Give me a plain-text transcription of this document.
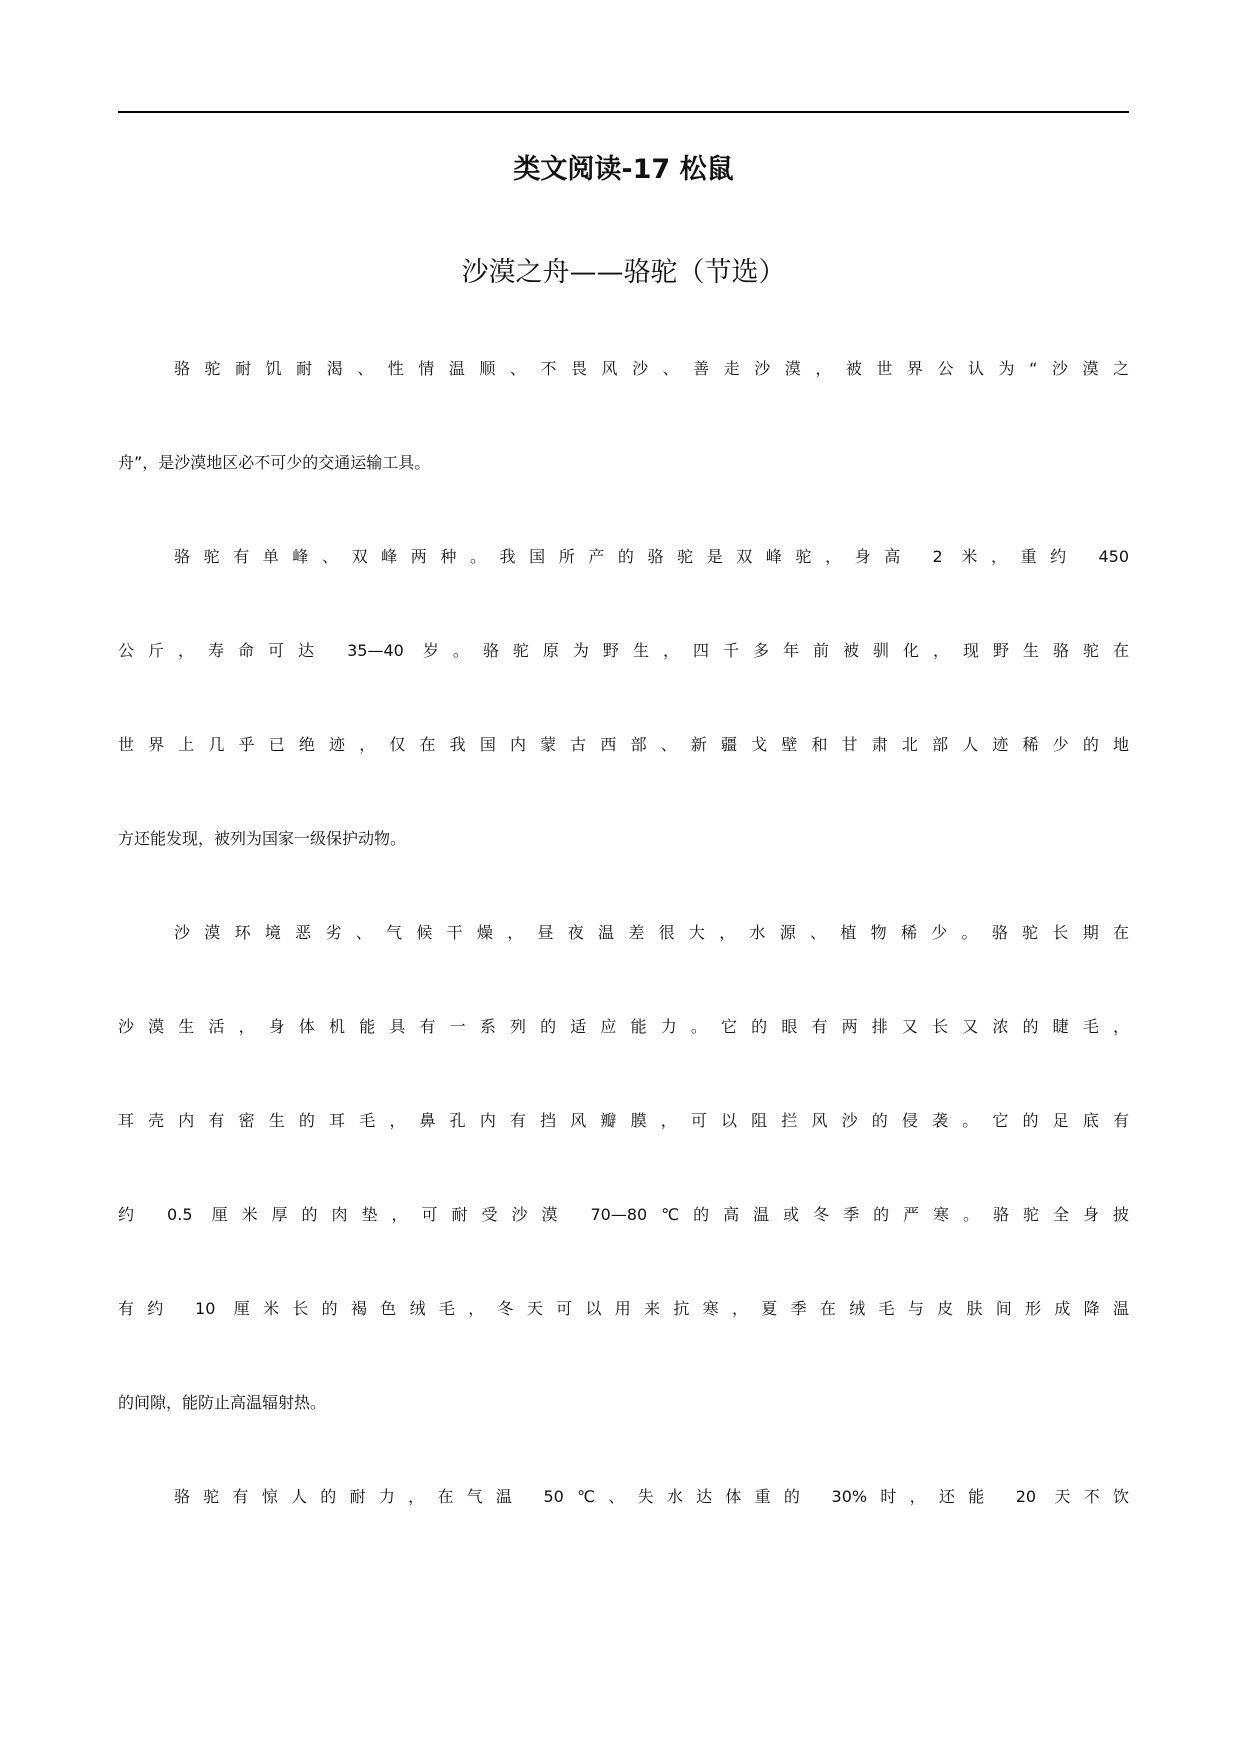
类文阅读-17 松鼠
沙漠之舟——骆驼（节选）
骆驼耐饥耐渴、性情温顺、不畏风沙、善走沙漠，被世界公认为“沙漠之
舟”，是沙漠地区必不可少的交通运输工具。
骆驼有单峰、双峰两种。我国所产的骆驼是双峰驼，身高 2 米，重约 450
公斤，寿命可达 35—40 岁。骆驼原为野生，四千多年前被驯化，现野生骆驼在
世界上几乎已绝迹，仅在我国内蒙古西部、新疆戈壁和甘肃北部人迹稀少的地
方还能发现，被列为国家一级保护动物。
沙漠环境恶劣、气候干燥，昼夜温差很大，水源、植物稀少。骆驼长期在
沙漠生活，身体机能具有一系列的适应能力。它的眼有两排又长又浓的睫毛，
耳壳内有密生的耳毛，鼻孔内有挡风瓣膜，可以阻拦风沙的侵袭。它的足底有
约 0.5 厘米厚的肉垫，可耐受沙漠 70—80℃的高温或冬季的严寒。骆驼全身披
有约 10 厘米长的褐色绒毛，冬天可以用来抗寒，夏季在绒毛与皮肤间形成降温
的间隙，能防止高温辐射热。
骆驼有惊人的耐力，在气温 50℃、失水达体重的 30%时，还能 20 天不饮
